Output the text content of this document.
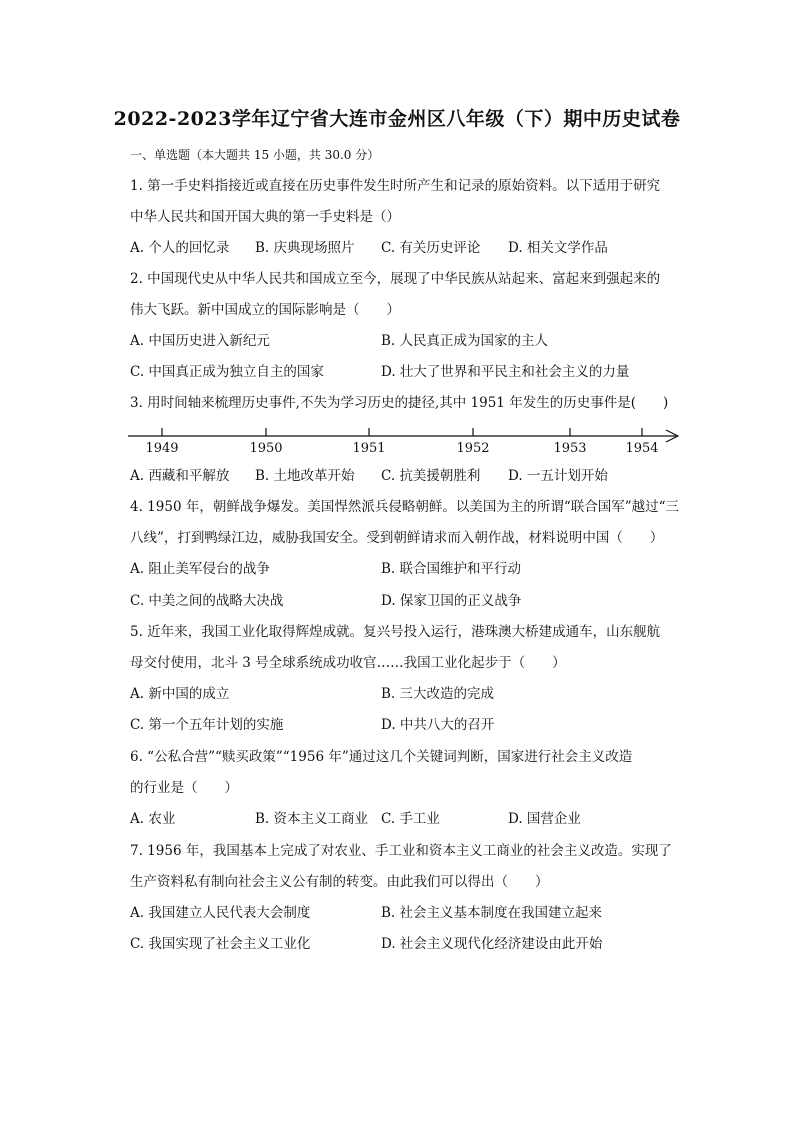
2022-2023学年辽宁省大连市金州区八年级（下）期中历史试卷
一、单选题（本大题共 15 小题，共 30.0 分）
1. 第一手史料指接近或直接在历史事件发生时所产生和记录的原始资料。以下适用于研究
中华人民共和国开国大典的第一手史料是（）
A. 个人的回忆录 B. 庆典现场照片 C. 有关历史评论 D. 相关文学作品
2. 中国现代史从中华人民共和国成立至今，展现了中华民族从站起来、富起来到强起来的
伟大飞跃。新中国成立的国际影响是（　　）
A. 中国历史进入新纪元	B. 人民真正成为国家的主人
C. 中国真正成为独立自主的国家	D. 壮大了世界和平民主和社会主义的力量
3. 用时间轴来梳理历史事件,不失为学习历史的捷径,其中 1951 年发生的历史事件是(　　)
1949	1950	1951	1952	1953	1954
A. 西藏和平解放 B. 土地改革开始 C. 抗美援朝胜利 D. 一五计划开始
4. 1950 年，朝鲜战争爆发。美国悍然派兵侵略朝鲜。以美国为主的所谓“联合国军”越过“三
八线”，打到鸭绿江边，威胁我国安全。受到朝鲜请求而入朝作战，材料说明中国（　　）
A. 阻止美军侵台的战争	B. 联合国维护和平行动
C. 中美之间的战略大决战	D. 保家卫国的正义战争
5. 近年来，我国工业化取得辉煌成就。复兴号投入运行，港珠澳大桥建成通车，山东舰航
母交付使用，北斗 3 号全球系统成功收官……我国工业化起步于（　　）
A. 新中国的成立	B. 三大改造的完成
C. 第一个五年计划的实施	D. 中共八大的召开
6. “公私合营”“赎买政策”“1956 年”通过这几个关键词判断，国家进行社会主义改造
的行业是（　　）
A. 农业	B. 资本主义工商业 C. 手工业	D. 国营企业
7. 1956 年，我国基本上完成了对农业、手工业和资本主义工商业的社会主义改造。实现了
生产资料私有制向社会主义公有制的转变。由此我们可以得出（　　）
A. 我国建立人民代表大会制度	B. 社会主义基本制度在我国建立起来
C. 我国实现了社会主义工业化	D. 社会主义现代化经济建设由此开始
